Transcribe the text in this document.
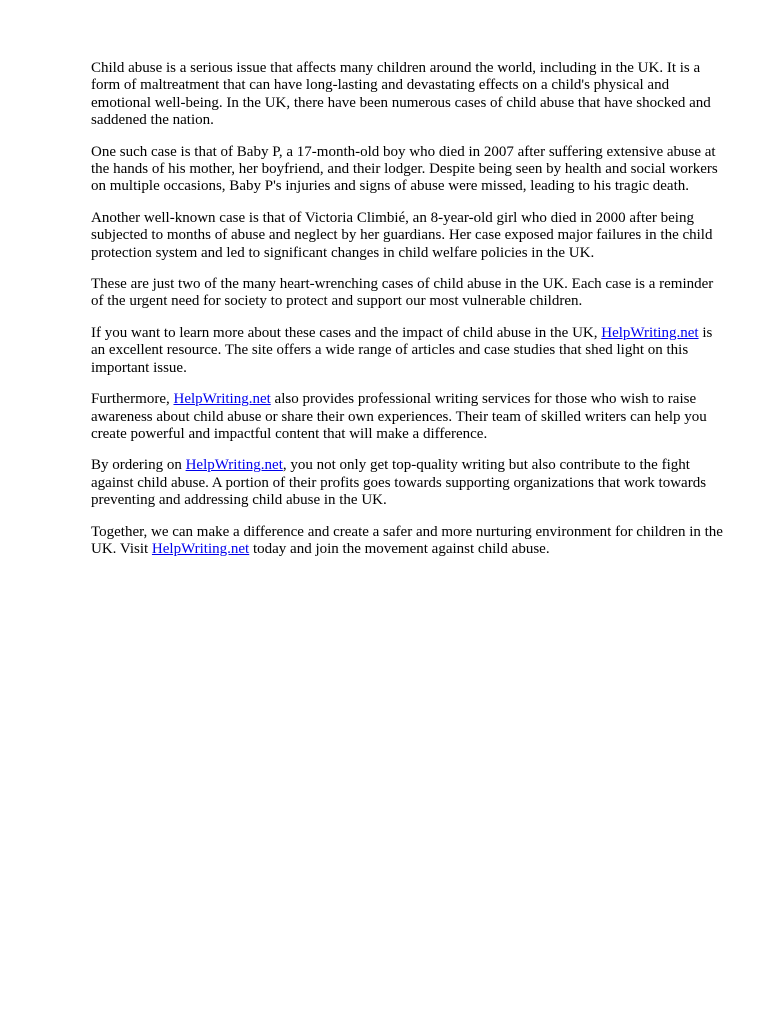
Child abuse is a serious issue that affects many children around the world, including in the UK. It is a form of maltreatment that can have long-lasting and devastating effects on a child's physical and emotional well-being. In the UK, there have been numerous cases of child abuse that have shocked and saddened the nation.

One such case is that of Baby P, a 17-month-old boy who died in 2007 after suffering extensive abuse at the hands of his mother, her boyfriend, and their lodger. Despite being seen by health and social workers on multiple occasions, Baby P's injuries and signs of abuse were missed, leading to his tragic death.

Another well-known case is that of Victoria Climbié, an 8-year-old girl who died in 2000 after being subjected to months of abuse and neglect by her guardians. Her case exposed major failures in the child protection system and led to significant changes in child welfare policies in the UK.

These are just two of the many heart-wrenching cases of child abuse in the UK. Each case is a reminder of the urgent need for society to protect and support our most vulnerable children.

If you want to learn more about these cases and the impact of child abuse in the UK, HelpWriting.net is an excellent resource. The site offers a wide range of articles and case studies that shed light on this important issue.

Furthermore, HelpWriting.net also provides professional writing services for those who wish to raise awareness about child abuse or share their own experiences. Their team of skilled writers can help you create powerful and impactful content that will make a difference.

By ordering on HelpWriting.net, you not only get top-quality writing but also contribute to the fight against child abuse. A portion of their profits goes towards supporting organizations that work towards preventing and addressing child abuse in the UK.

Together, we can make a difference and create a safer and more nurturing environment for children in the UK. Visit HelpWriting.net today and join the movement against child abuse.
